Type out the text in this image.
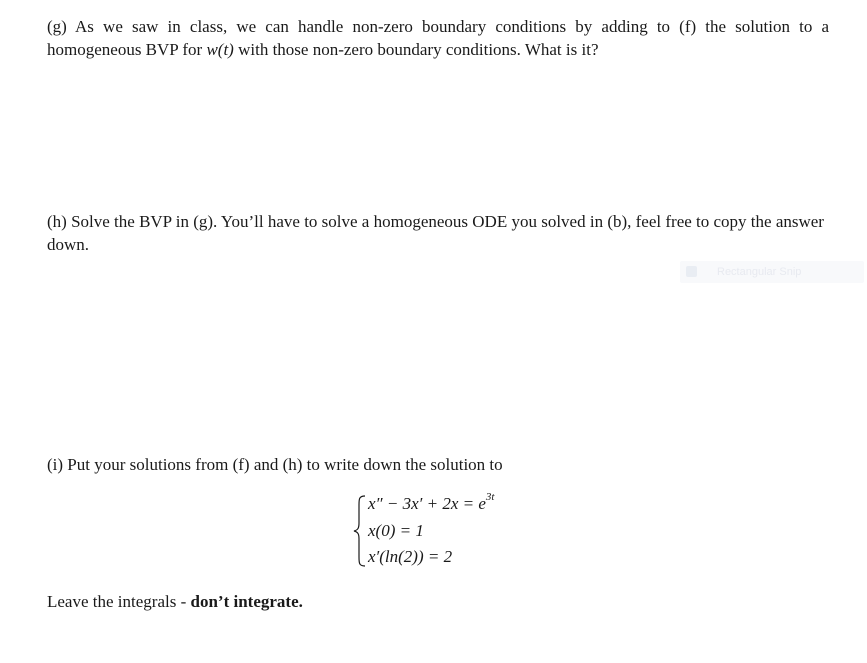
(g) As we saw in class, we can handle non-zero boundary conditions by adding to (f) the solution to a homogeneous BVP for w(t) with those non-zero boundary conditions. What is it?
(h) Solve the BVP in (g). You’ll have to solve a homogeneous ODE you solved in (b), feel free to copy the answer down.
Rectangular Snip
(i) Put your solutions from (f) and (h) to write down the solution to
$x'' - 3x' + 2x = e^{3t}$
x(0) = 1
x′(ln(2)) = 2
Leave the integrals - don’t integrate.
